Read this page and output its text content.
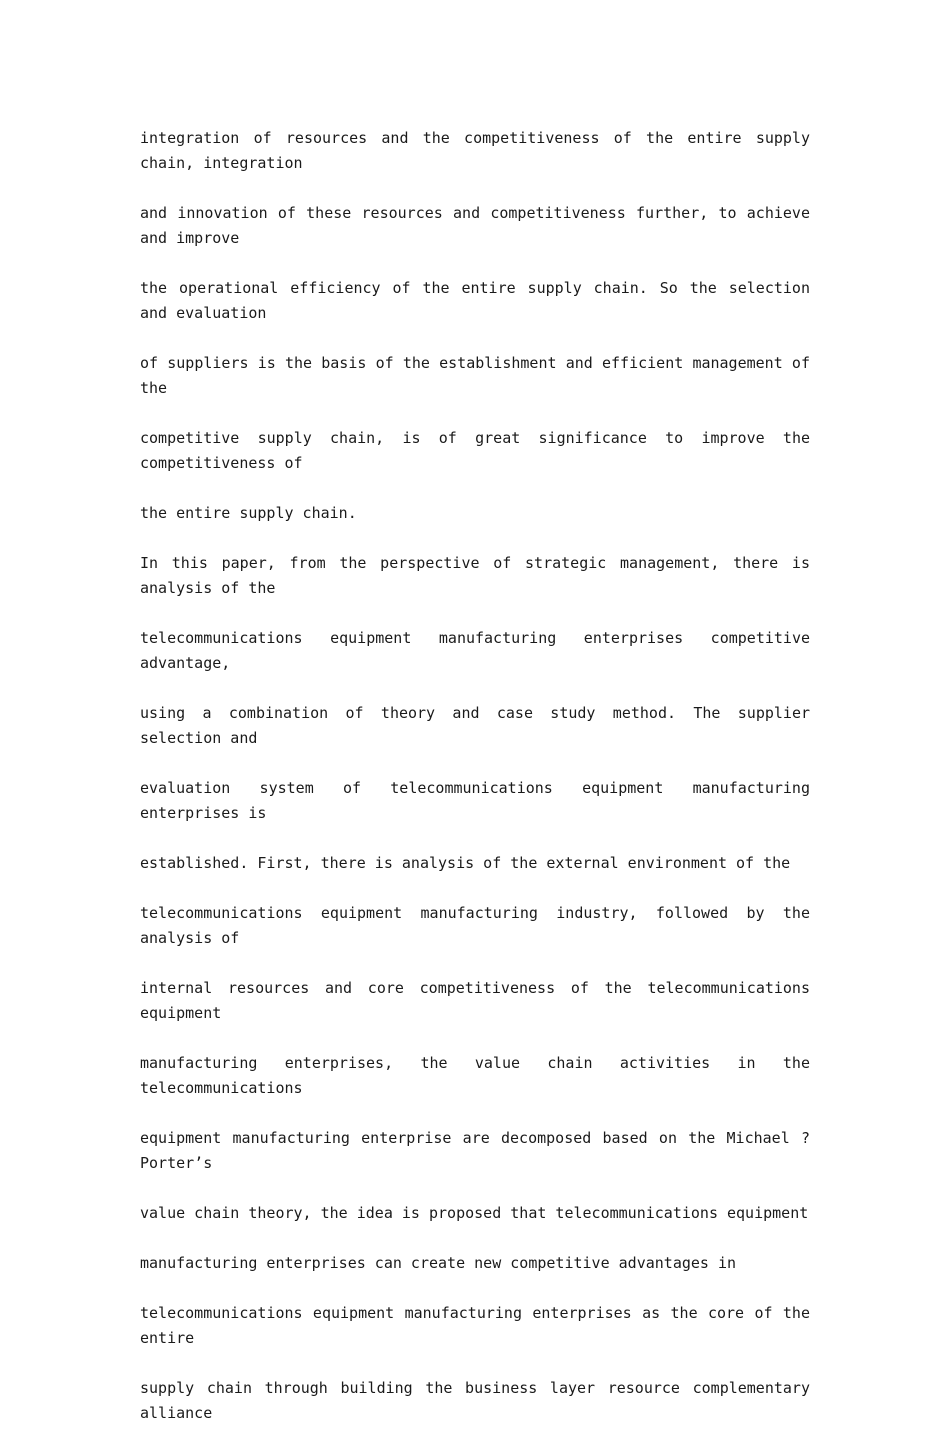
integration of resources and the competitiveness of the entire supply chain, integration

and innovation of these resources and competitiveness further, to achieve and improve

the operational efficiency of the entire supply chain. So the selection and evaluation

of suppliers is the basis of the establishment and efficient management of the

competitive supply chain, is of great significance to improve the competitiveness of

the entire supply chain.

In this paper, from the perspective of strategic management, there is analysis of the

telecommunications equipment manufacturing enterprises competitive advantage,

using a combination of theory and case study method. The supplier selection and

evaluation system of telecommunications equipment manufacturing enterprises is

established. First, there is analysis of the external environment of the

telecommunications equipment manufacturing industry, followed by the analysis of

internal resources and core competitiveness of the telecommunications equipment

manufacturing enterprises, the value chain activities in the telecommunications

equipment manufacturing enterprise are decomposed based on the Michael ? Porter’s

value chain theory, the idea is proposed that telecommunications equipment

manufacturing enterprises can create new competitive advantages in

telecommunications equipment manufacturing enterprises as the core of the entire

supply chain through building the business layer resource complementary alliance
